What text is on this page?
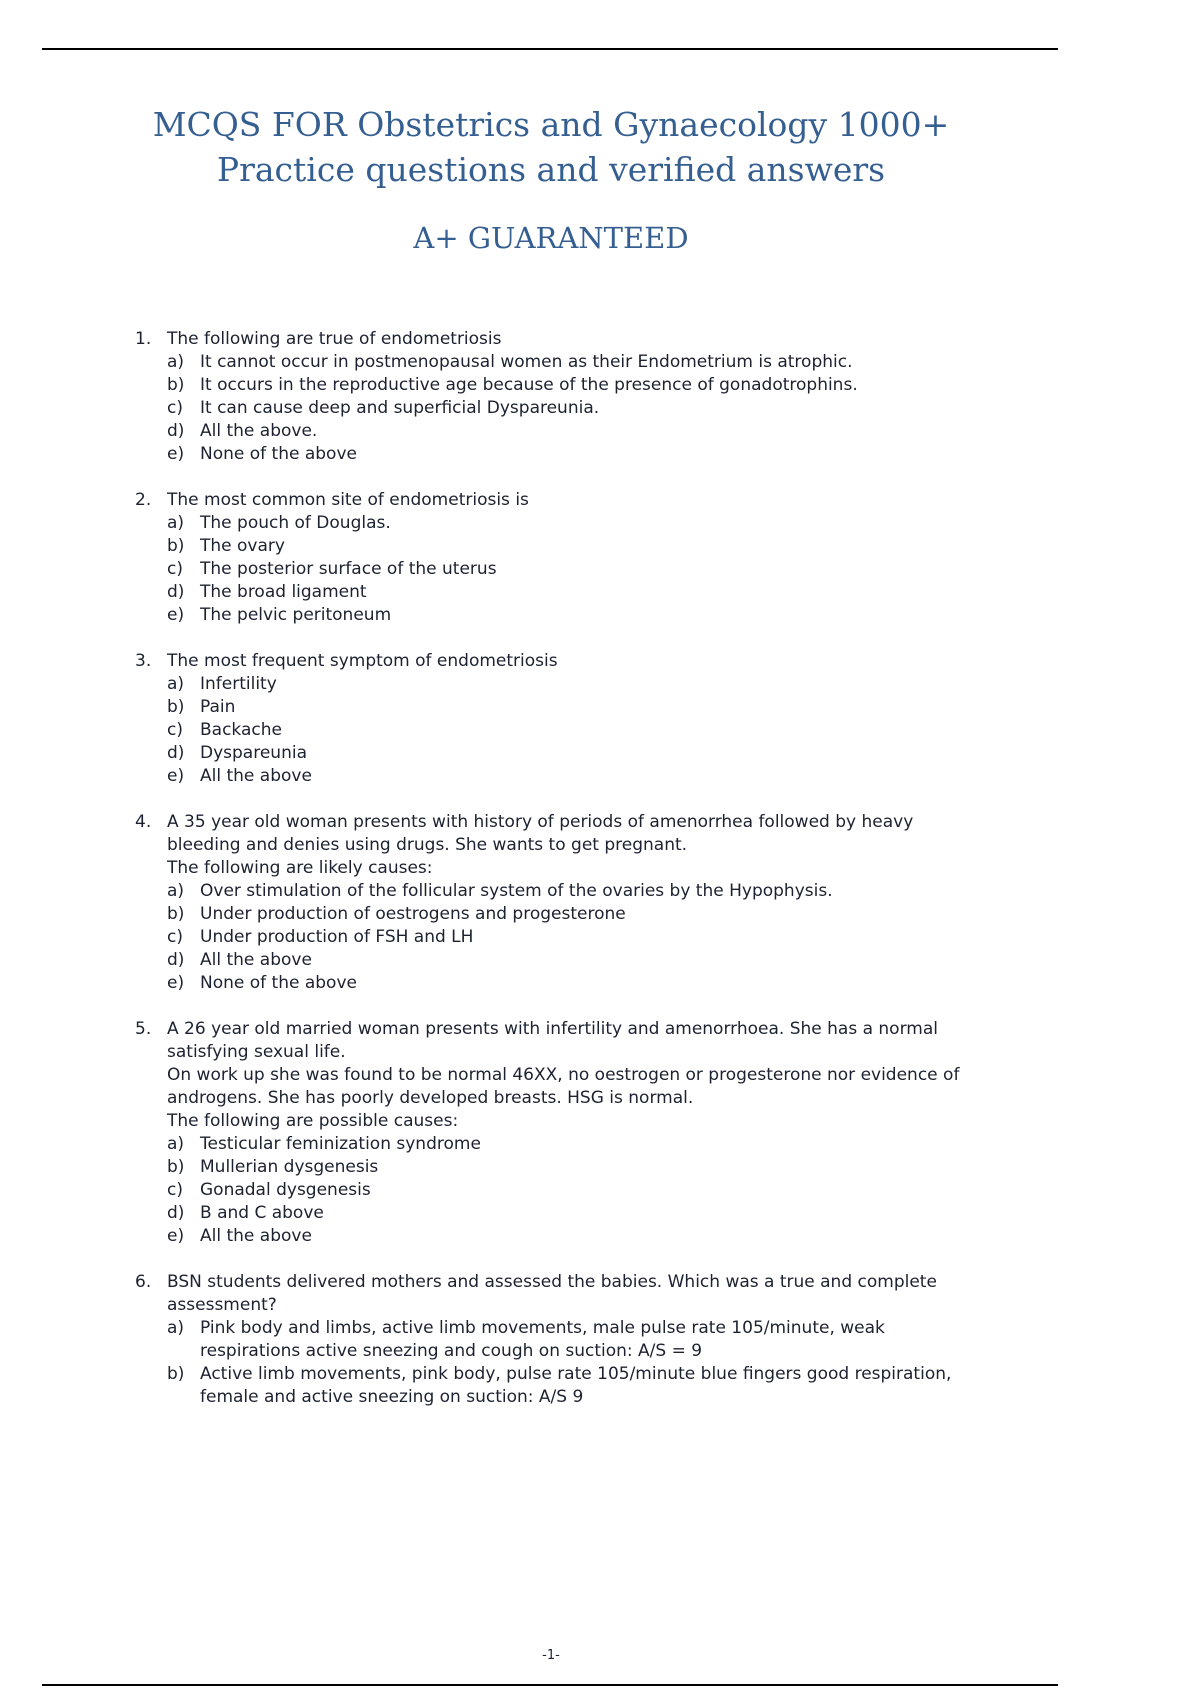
MCQS FOR Obstetrics and Gynaecology 1000+
Practice questions and verified answers
A+ GUARANTEED
1. The following are true of endometriosis
a) It cannot occur in postmenopausal women as their Endometrium is atrophic.
b) It occurs in the reproductive age because of the presence of gonadotrophins.
c)	It can cause deep and superficial Dyspareunia.
d) All the above.
e) None of the above
2. The most common site of endometriosis is
a) The pouch of Douglas.
b) The ovary
c)	The posterior surface of the uterus
d) The broad ligament
e) The pelvic peritoneum
3. The most frequent symptom of endometriosis
a) Infertility
b) Pain
c)	Backache
d) Dyspareunia
e) All the above
4. A 35 year old woman presents with history of periods of amenorrhea followed by heavy bleeding and denies using drugs. She wants to get pregnant.
The following are likely causes:
a) Over stimulation of the follicular system of the ovaries by the Hypophysis.
b) Under production of oestrogens and progesterone
c)	Under production of FSH and LH
d) All the above
e) None of the above
5. A 26 year old married woman presents with infertility and amenorrhoea. She has a normal satisfying sexual life.
On work up she was found to be normal 46XX, no oestrogen or progesterone nor evidence of androgens. She has poorly developed breasts. HSG is normal.
The following are possible causes:
a) Testicular feminization syndrome
b) Mullerian dysgenesis
c)	Gonadal dysgenesis
d) B and C above
e) All the above
6. BSN students delivered mothers and assessed the babies. Which was a true and complete assessment?
a) Pink body and limbs, active limb movements, male pulse rate 105/minute, weak respirations active sneezing and cough on suction: A/S = 9
b) Active limb movements, pink body, pulse rate 105/minute blue fingers good respiration, female and active sneezing on suction: A/S 9
-1-
